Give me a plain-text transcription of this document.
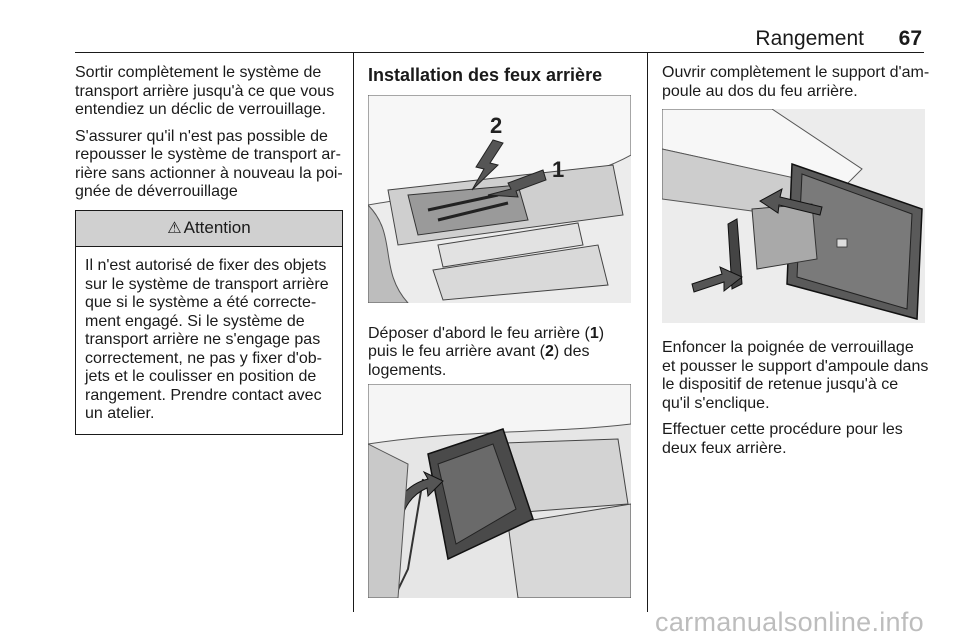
Rangement 67

Sortir complètement le système de transport arrière jusqu'à ce que vous entendiez un déclic de verrouillage.

S'assurer qu'il n'est pas possible de repousser le système de transport ar-rière sans actionner à nouveau la poi-gnée de déverrouillage

⚠ Attention
Il n'est autorisé de fixer des objets sur le système de transport arrière que si le système a été correcte-ment engagé. Si le système de transport arrière ne s'engage pas correctement, ne pas y fixer d'ob-jets et le coulisser en position de rangement. Prendre contact avec un atelier.
Installation des feux arrière
2
1

Déposer d'abord le feu arrière (1) puis le feu arrière avant (2) des logements.

Ouvrir complètement le support d'am-poule au dos du feu arrière.

Enfoncer la poignée de verrouillage et pousser le support d'ampoule dans le dispositif de retenue jusqu'à ce qu'il s'enclique.

Effectuer cette procédure pour les deux feux arrière.

carmanualsonline.info
